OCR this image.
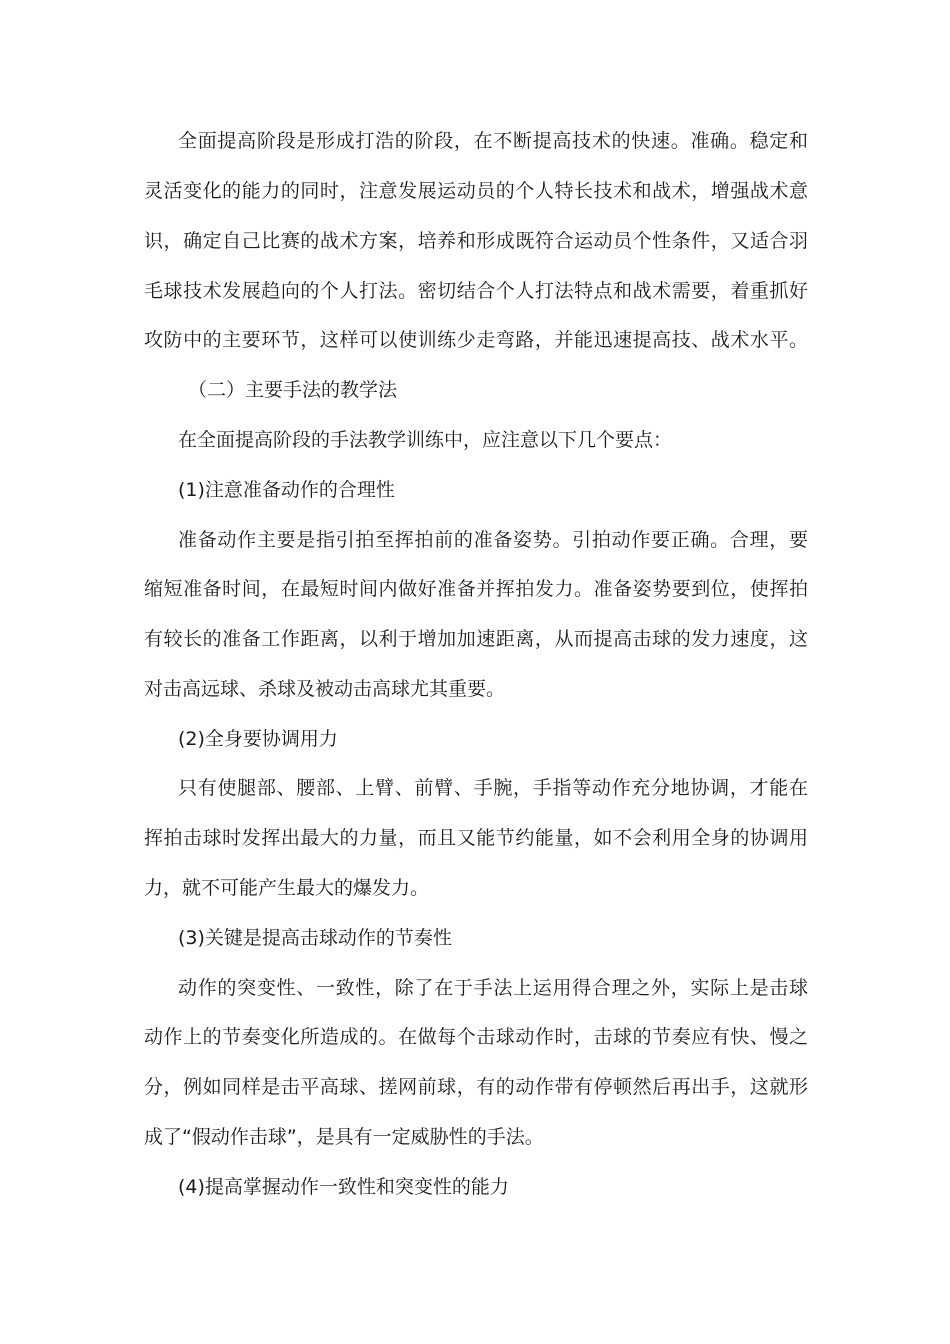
全面提高阶段是形成打浩的阶段，在不断提高技术的快速。准确。稳定和
灵活变化的能力的同时，注意发展运动员的个人特长技术和战术，增强战术意
识，确定自己比赛的战术方案，培养和形成既符合运动员个性条件，又适合羽
毛球技术发展趋向的个人打法。密切结合个人打法特点和战术需要，着重抓好
攻防中的主要环节，这样可以使训练少走弯路，并能迅速提高技、战术水平。
（二）主要手法的教学法
在全面提高阶段的手法教学训练中，应注意以下几个要点：
(1)注意准备动作的合理性
准备动作主要是指引拍至挥拍前的准备姿势。引拍动作要正确。合理，要
缩短准备时间，在最短时间内做好准备并挥拍发力。准备姿势要到位，使挥拍
有较长的准备工作距离，以利于增加加速距离，从而提高击球的发力速度，这
对击高远球、杀球及被动击高球尤其重要。
(2)全身要协调用力
只有使腿部、腰部、上臂、前臂、手腕，手指等动作充分地协调，才能在
挥拍击球时发挥出最大的力量，而且又能节约能量，如不会利用全身的协调用
力，就不可能产生最大的爆发力。
(3)关键是提高击球动作的节奏性
动作的突变性、一致性，除了在于手法上运用得合理之外，实际上是击球
动作上的节奏变化所造成的。在做每个击球动作时，击球的节奏应有快、慢之
分，例如同样是击平高球、搓网前球，有的动作带有停顿然后再出手，这就形
成了“假动作击球”，是具有一定威胁性的手法。
(4)提高掌握动作一致性和突变性的能力
